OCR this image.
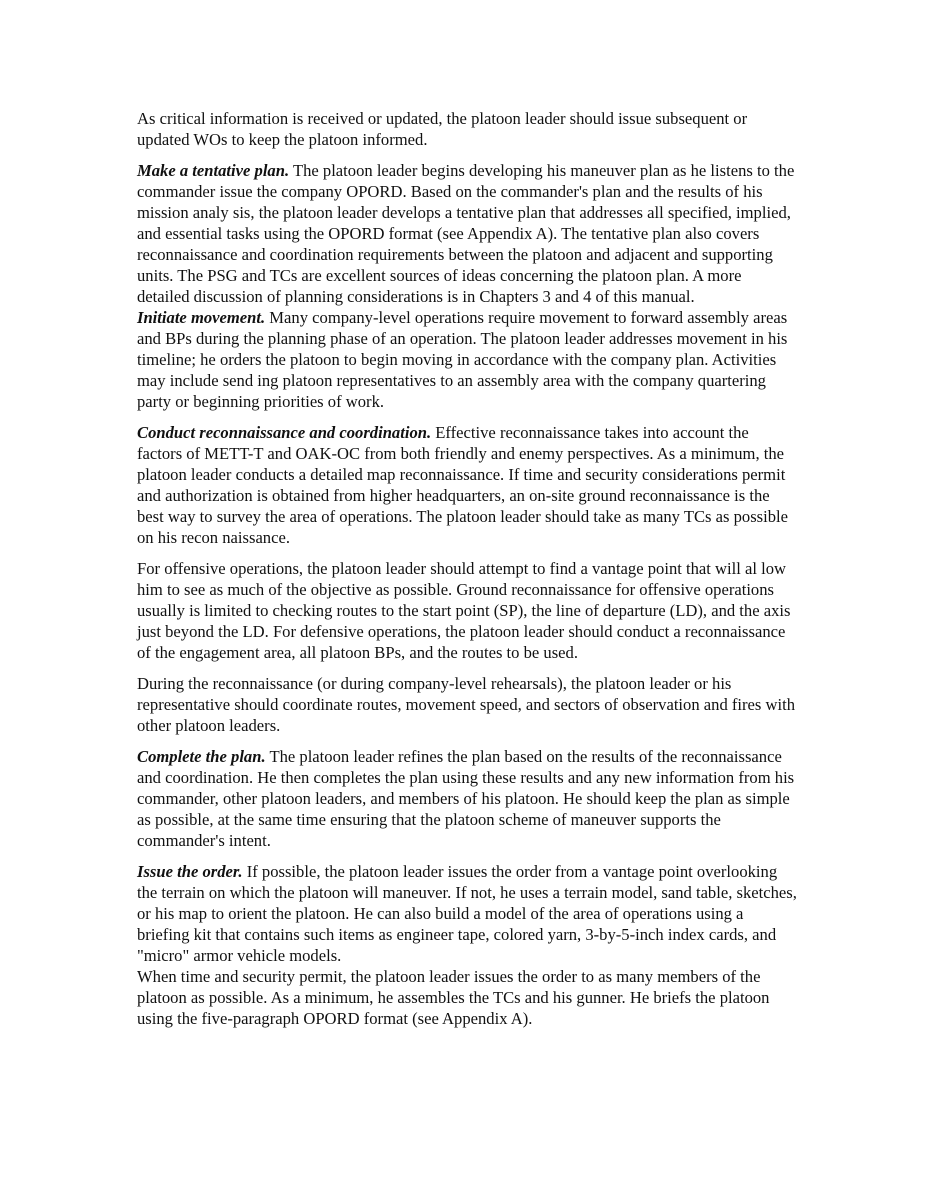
As critical information is received or updated, the platoon leader should issue subsequent or updated WOs to keep the platoon informed.

Make a tentative plan. The platoon leader begins developing his maneuver plan as he listens to the commander issue the company OPORD. Based on the commander's plan and the results of his mission analy sis, the platoon leader develops a tentative plan that addresses all specified, implied, and essential tasks using the OPORD format (see Appendix A). The tentative plan also covers reconnaissance and coordination requirements between the platoon and adjacent and supporting units. The PSG and TCs are excellent sources of ideas concerning the platoon plan. A more detailed discussion of planning considerations is in Chapters 3 and 4 of this manual.

Initiate movement. Many company-level operations require movement to forward assembly areas and BPs during the planning phase of an operation. The platoon leader addresses movement in his timeline; he orders the platoon to begin moving in accordance with the company plan. Activities may include send ing platoon representatives to an assembly area with the company quartering party or beginning priorities of work.

Conduct reconnaissance and coordination. Effective reconnaissance takes into account the factors of METT-T and OAK-OC from both friendly and enemy perspectives. As a minimum, the platoon leader conducts a detailed map reconnaissance. If time and security considerations permit and authorization is obtained from higher headquarters, an on-site ground reconnaissance is the best way to survey the area of operations. The platoon leader should take as many TCs as possible on his recon naissance.

For offensive operations, the platoon leader should attempt to find a vantage point that will al low him to see as much of the objective as possible. Ground reconnaissance for offensive operations usually is limited to checking routes to the start point (SP), the line of departure (LD), and the axis just beyond the LD. For defensive operations, the platoon leader should conduct a reconnaissance of the engagement area, all platoon BPs, and the routes to be used.

During the reconnaissance (or during company-level rehearsals), the platoon leader or his representative should coordinate routes, movement speed, and sectors of observation and fires with other platoon leaders.

Complete the plan. The platoon leader refines the plan based on the results of the reconnaissance and coordination. He then completes the plan using these results and any new information from his commander, other platoon leaders, and members of his platoon. He should keep the plan as simple as possible, at the same time ensuring that the platoon scheme of maneuver supports the commander's intent.

Issue the order. If possible, the platoon leader issues the order from a vantage point overlooking the terrain on which the platoon will maneuver. If not, he uses a terrain model, sand table, sketches, or his map to orient the platoon. He can also build a model of the area of operations using a briefing kit that contains such items as engineer tape, colored yarn, 3-by-5-inch index cards, and "micro" armor vehicle models.

When time and security permit, the platoon leader issues the order to as many members of the platoon as possible. As a minimum, he assembles the TCs and his gunner. He briefs the platoon using the five-paragraph OPORD format (see Appendix A).
